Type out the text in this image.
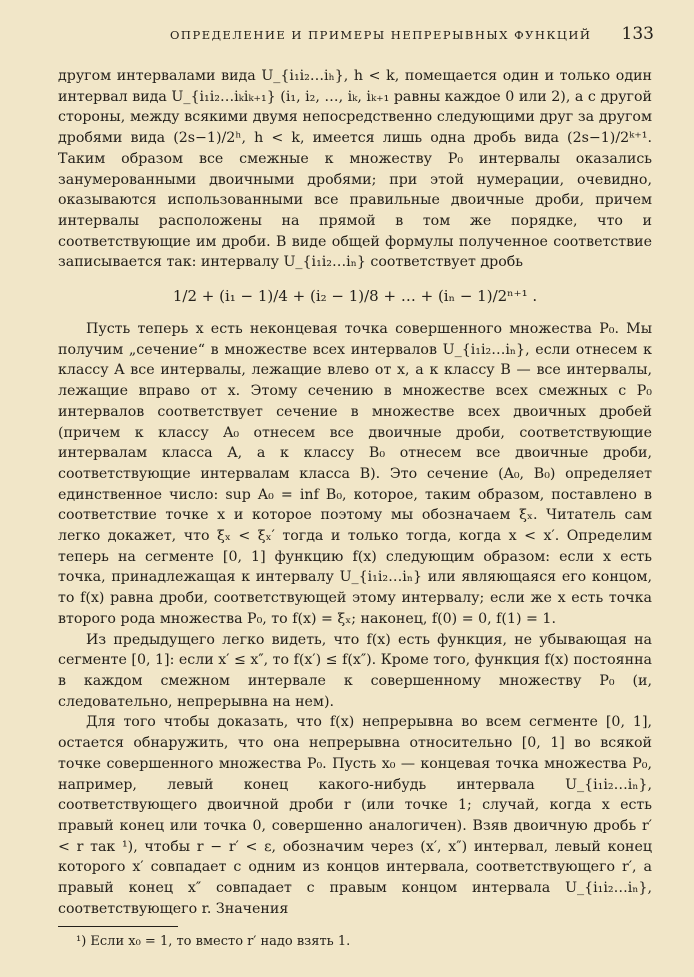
ОПРЕДЕЛЕНИЕ И ПРИМЕРЫ НЕПРЕРЫВНЫХ ФУНКЦИЙ 133

другом интервалами вида U_{i₁i₂…iₕ}, h < k, помещается один и только один интервал вида U_{i₁i₂…iₖiₖ₊₁} (i₁, i₂, …, iₖ, iₖ₊₁ равны каждое 0 или 2), а с другой стороны, между всякими двумя непосредственно следующими друг за другом дробями вида (2s−1)/2ʰ, h < k, имеется лишь одна дробь вида (2s−1)/2ᵏ⁺¹. Таким образом все смежные к множеству P₀ интервалы оказались занумерованными двоичными дробями; при этой нумерации, очевидно, оказываются использованными все правильные двоичные дроби, причем интервалы расположены на прямой в том же порядке, что и соответствующие им дроби. В виде общей формулы полученное соответствие записывается так: интервалу U_{i₁i₂…iₙ} соответствует дробь

1/2 + (i₁ − 1)/4 + (i₂ − 1)/8 + … + (iₙ − 1)/2ⁿ⁺¹ .

Пусть теперь x есть неконцевая точка совершенного множества P₀. Мы получим „сечение“ в множестве всех интервалов U_{i₁i₂…iₙ}, если отнесем к классу A все интервалы, лежащие влево от x, а к классу B — все интервалы, лежащие вправо от x. Этому сечению в множестве всех смежных с P₀ интервалов соответствует сечение в множестве всех двоичных дробей (причем к классу A₀ отнесем все двоичные дроби, соответствующие интервалам класса A, а к классу B₀ отнесем все двоичные дроби, соответствующие интервалам класса B). Это сечение (A₀, B₀) определяет единственное число: sup A₀ = inf B₀, которое, таким образом, поставлено в соответствие точке x и которое поэтому мы обозначаем ξₓ. Читатель сам легко докажет, что ξₓ < ξₓ′ тогда и только тогда, когда x < x′. Определим теперь на сегменте [0, 1] функцию f(x) следующим образом: если x есть точка, принадлежащая к интервалу U_{i₁i₂…iₙ} или являющаяся его концом, то f(x) равна дроби, соответствующей этому интервалу; если же x есть точка второго рода множества P₀, то f(x) = ξₓ; наконец, f(0) = 0, f(1) = 1.

Из предыдущего легко видеть, что f(x) есть функция, не убывающая на сегменте [0, 1]: если x′ ≤ x″, то f(x′) ≤ f(x″). Кроме того, функция f(x) постоянна в каждом смежном интервале к совершенному множеству P₀ (и, следовательно, непрерывна на нем).

Для того чтобы доказать, что f(x) непрерывна во всем сегменте [0, 1], остается обнаружить, что она непрерывна относительно [0, 1] во всякой точке совершенного множества P₀. Пусть x₀ — концевая точка множества P₀, например, левый конец какого-нибудь интервала U_{i₁i₂…iₙ}, соответствующего двоичной дроби r (или точке 1; случай, когда x есть правый конец или точка 0, совершенно аналогичен). Взяв двоичную дробь r′ < r так ¹), чтобы r − r′ < ε, обозначим через (x′, x″) интервал, левый конец которого x′ совпадает с одним из концов интервала, соответствующего r′, а правый конец x″ совпадает с правым концом интервала U_{i₁i₂…iₙ}, соответствующего r. Значения

¹) Если x₀ = 1, то вместо r′ надо взять 1.
